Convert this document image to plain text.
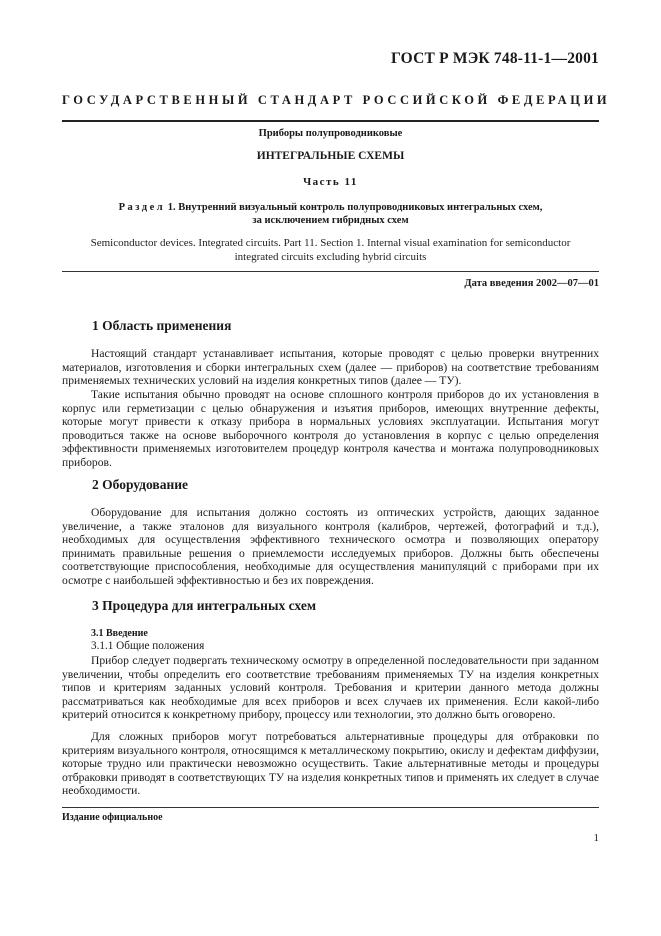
ГОСТ Р МЭК 748-11-1—2001
ГОСУДАРСТВЕННЫЙ СТАНДАРТ РОССИЙСКОЙ ФЕДЕРАЦИИ
Приборы полупроводниковые
ИНТЕГРАЛЬНЫЕ СХЕМЫ
Часть 11
Раздел 1. Внутренний визуальный контроль полупроводниковых интегральных схем,
за исключением гибридных схем
Semiconductor devices. Integrated circuits. Part 11. Section 1. Internal visual examination for semiconductor
integrated circuits excluding hybrid circuits
Дата введения 2002—07—01
1 Область применения

Настоящий стандарт устанавливает испытания, которые проводят с целью проверки внутренних материалов, изготовления и сборки интегральных схем (далее — приборов) на соответствие требованиям применяемых технических условий на изделия конкретных типов (далее — ТУ).

Такие испытания обычно проводят на основе сплошного контроля приборов до их установления в корпус или герметизации с целью обнаружения и изъятия приборов, имеющих внутренние дефекты, которые могут привести к отказу прибора в нормальных условиях эксплуатации. Испытания могут проводиться также на основе выборочного контроля до установления в корпус с целью определения эффективности применяемых изготовителем процедур контроля качества и монтажа полупроводниковых приборов.

2 Оборудование

Оборудование для испытания должно состоять из оптических устройств, дающих заданное увеличение, а также эталонов для визуального контроля (калибров, чертежей, фотографий и т.д.), необходимых для осуществления эффективного технического осмотра и позволяющих оператору принимать правильные решения о приемлемости исследуемых приборов. Должны быть обеспечены соответствующие приспособления, необходимые для осуществления манипуляций с приборами при их осмотре с наибольшей эффективностью и без их повреждения.

3 Процедура для интегральных схем
3.1 Введение
3.1.1 Общие положения

Прибор следует подвергать техническому осмотру в определенной последовательности при заданном увеличении, чтобы определить его соответствие требованиям применяемых ТУ на изделия конкретных типов и критериям заданных условий контроля. Требования и критерии данного метода должны рассматриваться как необходимые для всех приборов и всех случаев их применения. Если какой-либо критерий относится к конкретному прибору, процессу или технологии, это должно быть оговорено.

Для сложных приборов могут потребоваться альтернативные процедуры для отбраковки по критериям визуального контроля, относящимся к металлическому покрытию, окислу и дефектам диффузии, которые трудно или практически невозможно осуществить. Такие альтернативные методы и процедуры отбраковки приводят в соответствующих ТУ на изделия конкретных типов и применять их следует в случае необходимости.

Издание официальное
1
